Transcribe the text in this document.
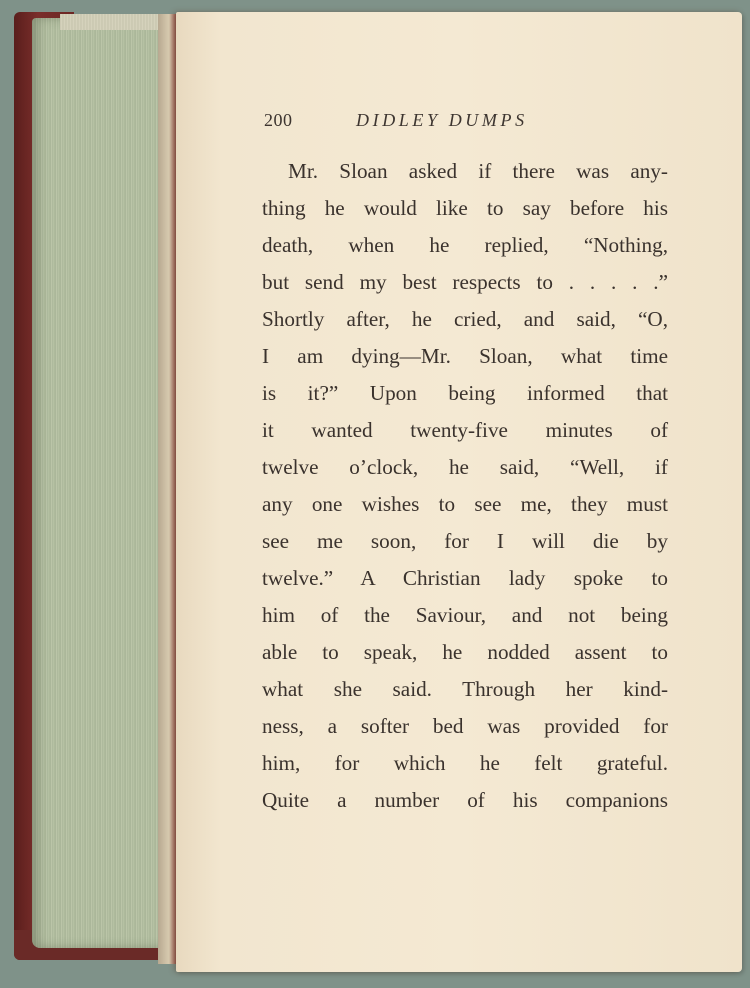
200	DIDLEY DUMPS
Mr. Sloan asked if there was any-
thing he would like to say before his
death, when he replied, “Nothing,
but send my best respects to . . . . .”
Shortly after, he cried, and said, “O,
I am dying—Mr. Sloan, what time
is it?” Upon being informed that
it wanted twenty-five minutes of
twelve o’clock, he said, “Well, if
any one wishes to see me, they must
see me soon, for I will die by
twelve.” A Christian lady spoke to
him of the Saviour, and not being
able to speak, he nodded assent to
what she said. Through her kind-
ness, a softer bed was provided for
him, for which he felt grateful.
Quite a number of his companions
